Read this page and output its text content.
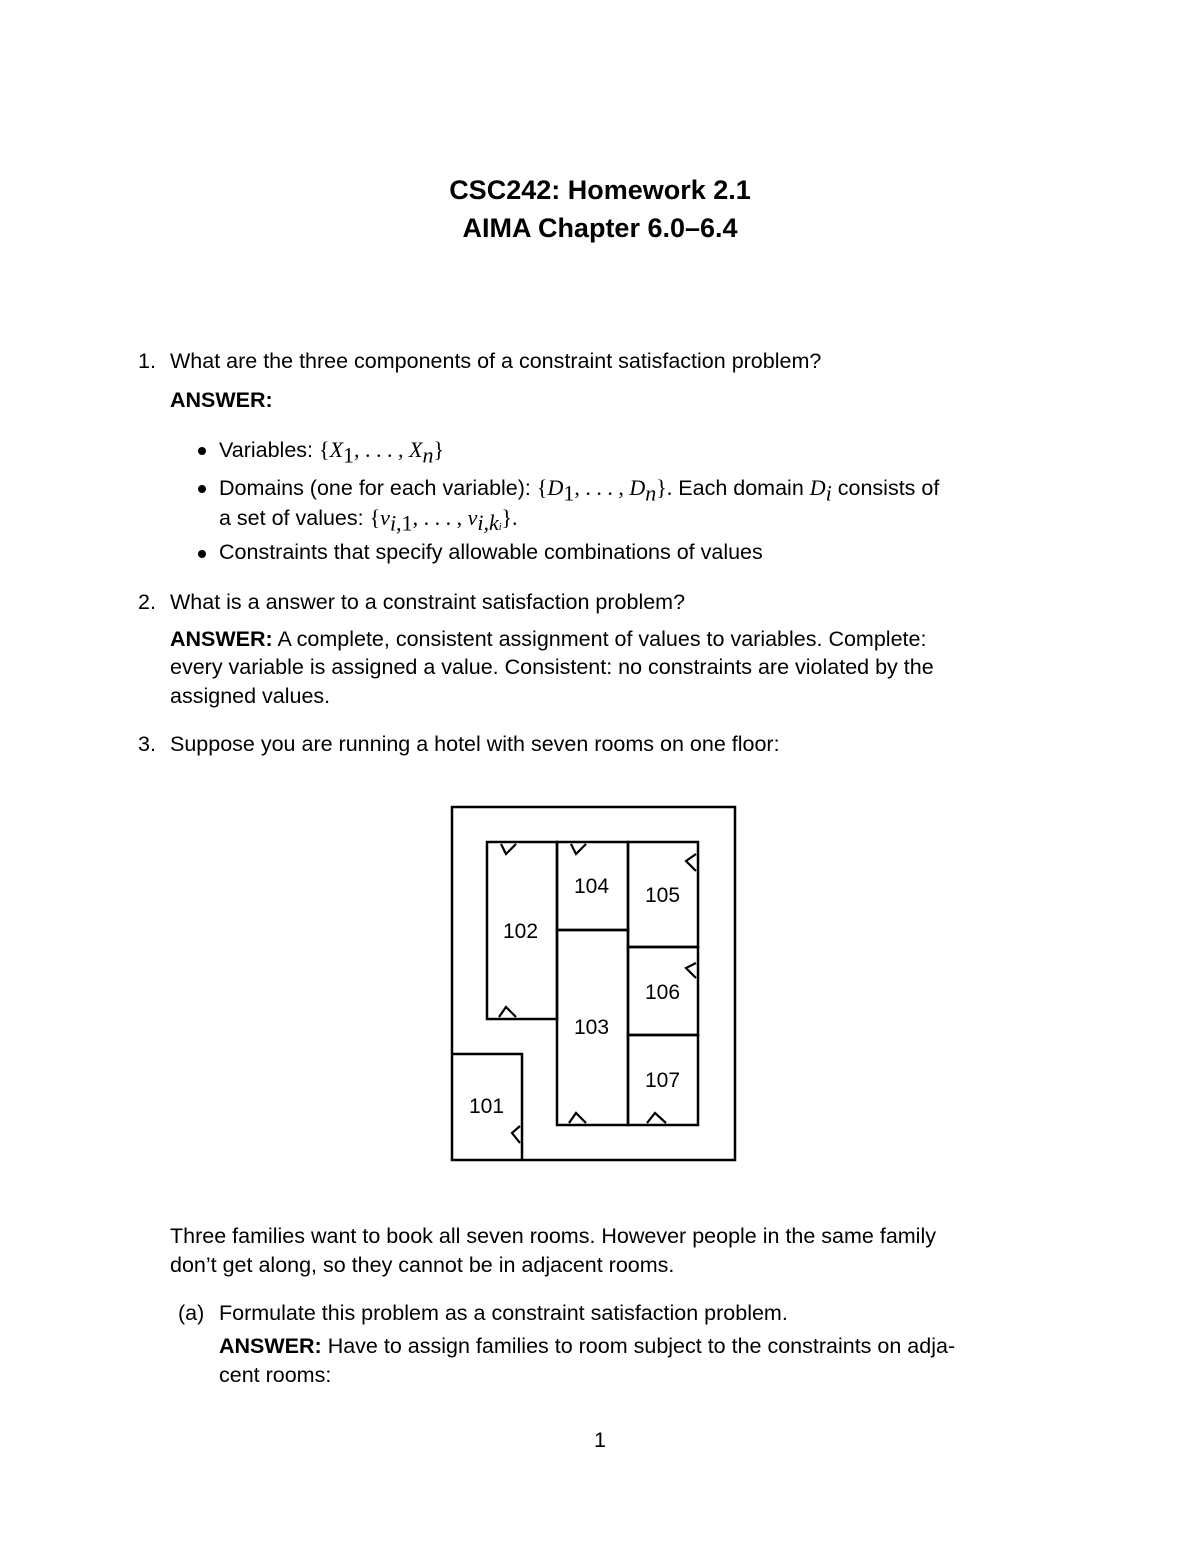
CSC242: Homework 2.1
AIMA Chapter 6.0–6.4
1. What are the three components of a constraint satisfaction problem?
ANSWER:
Variables: {$X_1$, . . . , $X_n$}
Domains (one for each variable): {$D_1$, . . . , $D_n$}. Each domain $D_i$ consists of
a set of values: {$v_{i,1}$, . . . , $v_{i,ki}$}.
Constraints that specify allowable combinations of values
2. What is a answer to a constraint satisfaction problem?
ANSWER: A complete, consistent assignment of values to variables. Complete:
every variable is assigned a value. Consistent: no constraints are violated by the
assigned values.
3. Suppose you are running a hotel with seven rooms on one floor:
101
102
103
104 105
106
107
Three families want to book all seven rooms. However people in the same family
don’t get along, so they cannot be in adjacent rooms.
(a) Formulate this problem as a constraint satisfaction problem.
ANSWER: Have to assign families to room subject to the constraints on adja-
cent rooms:
1
